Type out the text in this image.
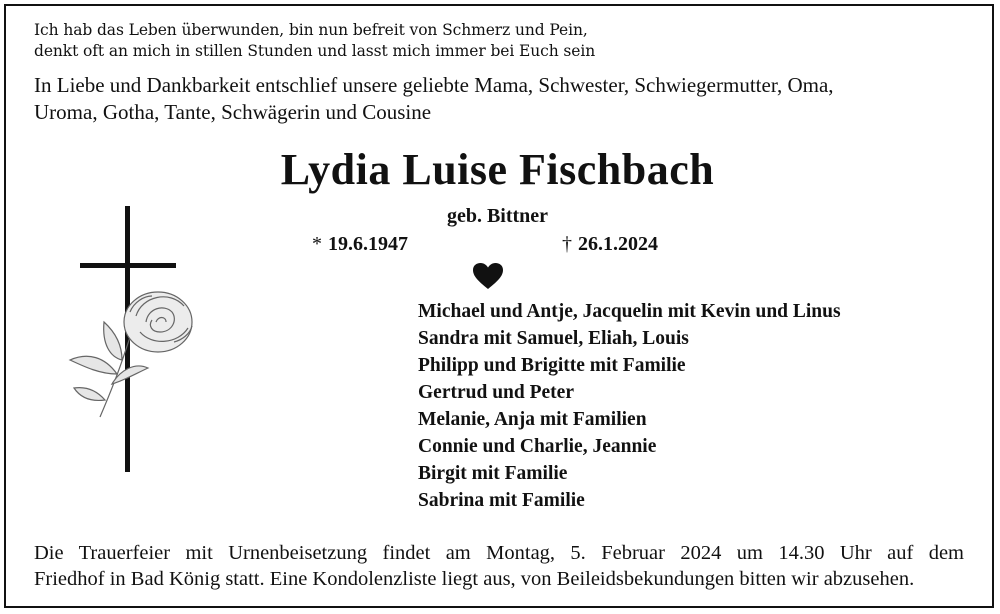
Ich hab das Leben überwunden, bin nun befreit von Schmerz und Pein,
denkt oft an mich in stillen Stunden und lasst mich immer bei Euch sein
In Liebe und Dankbarkeit entschlief unsere geliebte Mama, Schwester, Schwiegermutter, Oma,
Uroma, Gotha, Tante, Schwägerin und Cousine
Lydia Luise Fischbach
geb. Bittner
* 19.6.1947	† 26.1.2024
Michael und Antje, Jacquelin mit Kevin und Linus
Sandra mit Samuel, Eliah, Louis
Philipp und Brigitte mit Familie
Gertrud und Peter
Melanie, Anja mit Familien
Connie und Charlie, Jeannie
Birgit mit Familie
Sabrina mit Familie
Die Trauerfeier mit Urnenbeisetzung findet am Montag, 5. Februar 2024 um 14.30 Uhr auf dem
Friedhof in Bad König statt. Eine Kondolenzliste liegt aus, von Beileidsbekundungen bitten wir abzusehen.
